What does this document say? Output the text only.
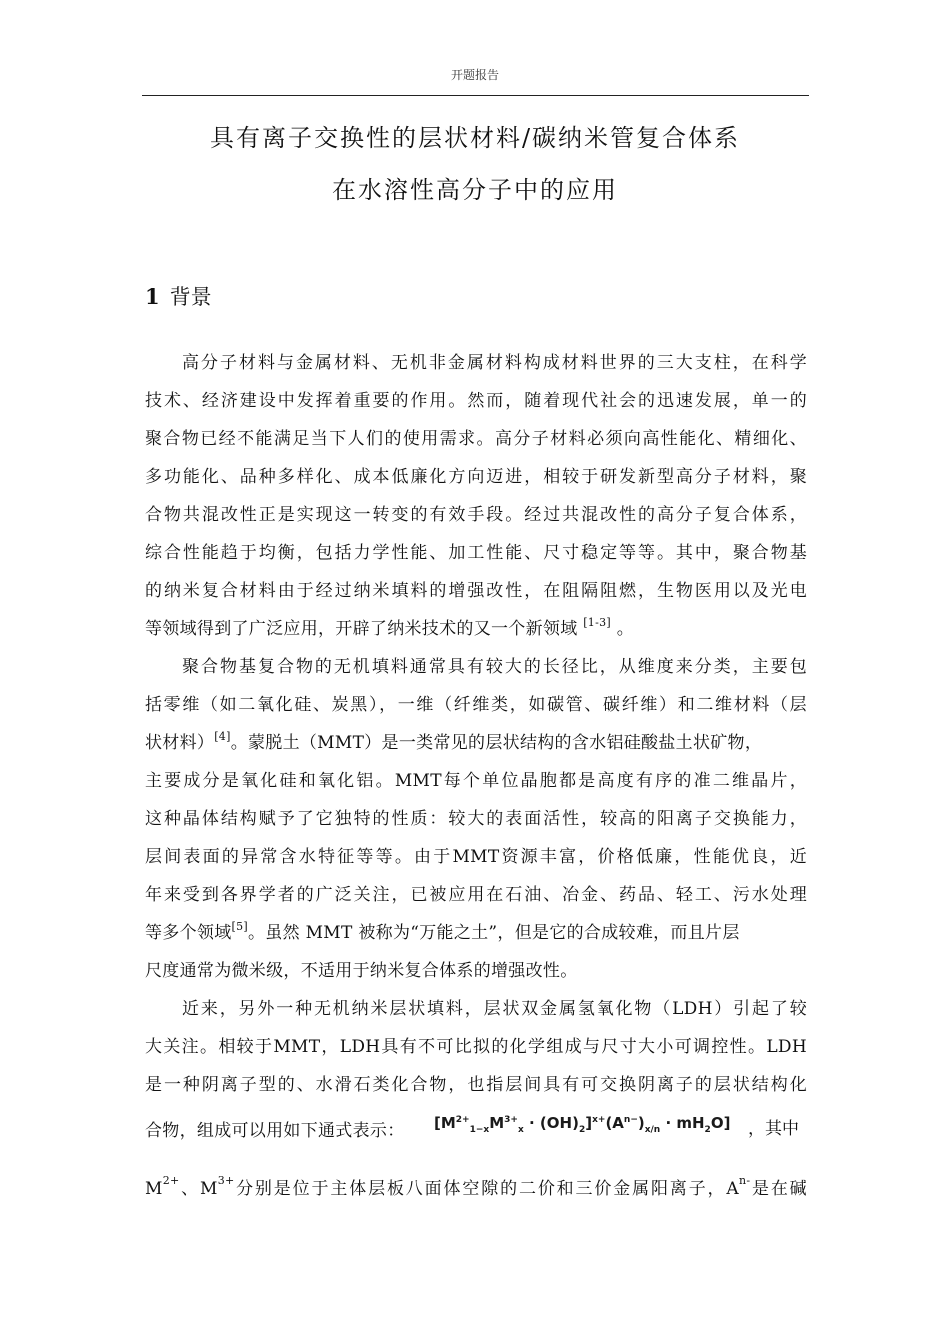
开题报告
具有离子交换性的层状材料/碳纳米管复合体系
在水溶性高分子中的应用
1 背景
高分子材料与金属材料、无机非金属材料构成材料世界的三大支柱，在科学
技术、经济建设中发挥着重要的作用。然而，随着现代社会的迅速发展，单一的
聚合物已经不能满足当下人们的使用需求。高分子材料必须向高性能化、精细化、
多功能化、品种多样化、成本低廉化方向迈进，相较于研发新型高分子材料，聚
合物共混改性正是实现这一转变的有效手段。经过共混改性的高分子复合体系，
综合性能趋于均衡，包括力学性能、加工性能、尺寸稳定等等。其中，聚合物基
的纳米复合材料由于经过纳米填料的增强改性，在阻隔阻燃，生物医用以及光电
等领域得到了广泛应用，开辟了纳米技术的又一个新领域 [1-3] 。
聚合物基复合物的无机填料通常具有较大的长径比，从维度来分类，主要包
括零维（如二氧化硅、炭黑），一维（纤维类，如碳管、碳纤维）和二维材料（层
状材料）[4]。蒙脱土（MMT）是一类常见的层状结构的含水铝硅酸盐土状矿物，
主要成分是氧化硅和氧化铝。MMT每个单位晶胞都是高度有序的准二维晶片，
这种晶体结构赋予了它独特的性质：较大的表面活性，较高的阳离子交换能力，
层间表面的异常含水特征等等。由于MMT资源丰富，价格低廉，性能优良，近
年来受到各界学者的广泛关注，已被应用在石油、冶金、药品、轻工、污水处理
等多个领域[5]。虽然 MMT 被称为“万能之土”，但是它的合成较难，而且片层
尺度通常为微米级，不适用于纳米复合体系的增强改性。
近来，另外一种无机纳米层状填料，层状双金属氢氧化物（LDH）引起了较
大关注。相较于MMT，LDH具有不可比拟的化学组成与尺寸大小可调控性。LDH
是一种阴离子型的、水滑石类化合物，也指层间具有可交换阴离子的层状结构化
合物，组成可以用如下通式表示：	$[M^{2+}_{1-x}M^{3+}_x \cdot (OH)_2]^{x+}(A^{n-})_{x/n} \cdot mH_2O$] ，其中
$M^{2+}$、$M^{3+}$分别是位于主体层板八面体空隙的二价和三价金属阳离子，$A^{n-}$是在碱
